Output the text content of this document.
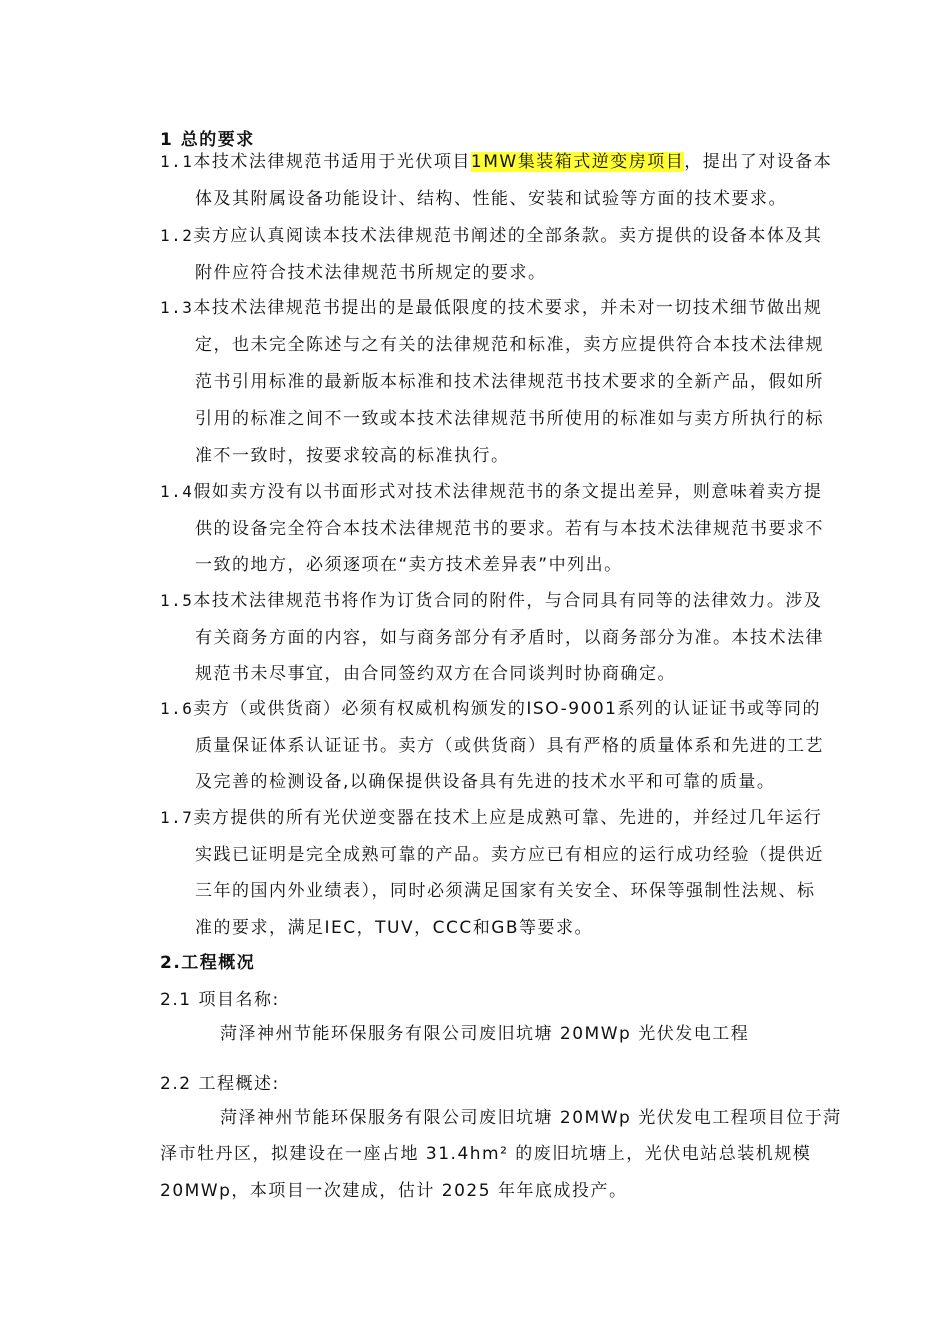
1 总的要求
1.1本技术法律规范书适用于光伏项目1MW集装箱式逆变房项目，提出了对设备本
体及其附属设备功能设计、结构、性能、安装和试验等方面的技术要求。
1.2卖方应认真阅读本技术法律规范书阐述的全部条款。卖方提供的设备本体及其
附件应符合技术法律规范书所规定的要求。
1.3本技术法律规范书提出的是最低限度的技术要求，并未对一切技术细节做出规
定，也未完全陈述与之有关的法律规范和标准，卖方应提供符合本技术法律规
范书引用标准的最新版本标准和技术法律规范书技术要求的全新产品，假如所
引用的标准之间不一致或本技术法律规范书所使用的标准如与卖方所执行的标
准不一致时，按要求较高的标准执行。
1.4假如卖方没有以书面形式对技术法律规范书的条文提出差异，则意味着卖方提
供的设备完全符合本技术法律规范书的要求。若有与本技术法律规范书要求不
一致的地方，必须逐项在“卖方技术差异表”中列出。
1.5本技术法律规范书将作为订货合同的附件，与合同具有同等的法律效力。涉及
有关商务方面的内容，如与商务部分有矛盾时，以商务部分为准。本技术法律
规范书未尽事宜，由合同签约双方在合同谈判时协商确定。
1.6卖方（或供货商）必须有权威机构颁发的ISO-9001系列的认证证书或等同的
质量保证体系认证证书。卖方（或供货商）具有严格的质量体系和先进的工艺
及完善的检测设备,以确保提供设备具有先进的技术水平和可靠的质量。
1.7卖方提供的所有光伏逆变器在技术上应是成熟可靠、先进的，并经过几年运行
实践已证明是完全成熟可靠的产品。卖方应已有相应的运行成功经验（提供近
三年的国内外业绩表），同时必须满足国家有关安全、环保等强制性法规、标
准的要求，满足IEC，TUV，CCC和GB等要求。
2.工程概况
2.1 项目名称:
菏泽神州节能环保服务有限公司废旧坑塘 20MWp 光伏发电工程
2.2 工程概述:
菏泽神州节能环保服务有限公司废旧坑塘 20MWp 光伏发电工程项目位于菏
泽市牡丹区，拟建设在一座占地 31.4hm² 的废旧坑塘上，光伏电站总装机规模
20MWp，本项目一次建成，估计 2025 年年底成投产。
